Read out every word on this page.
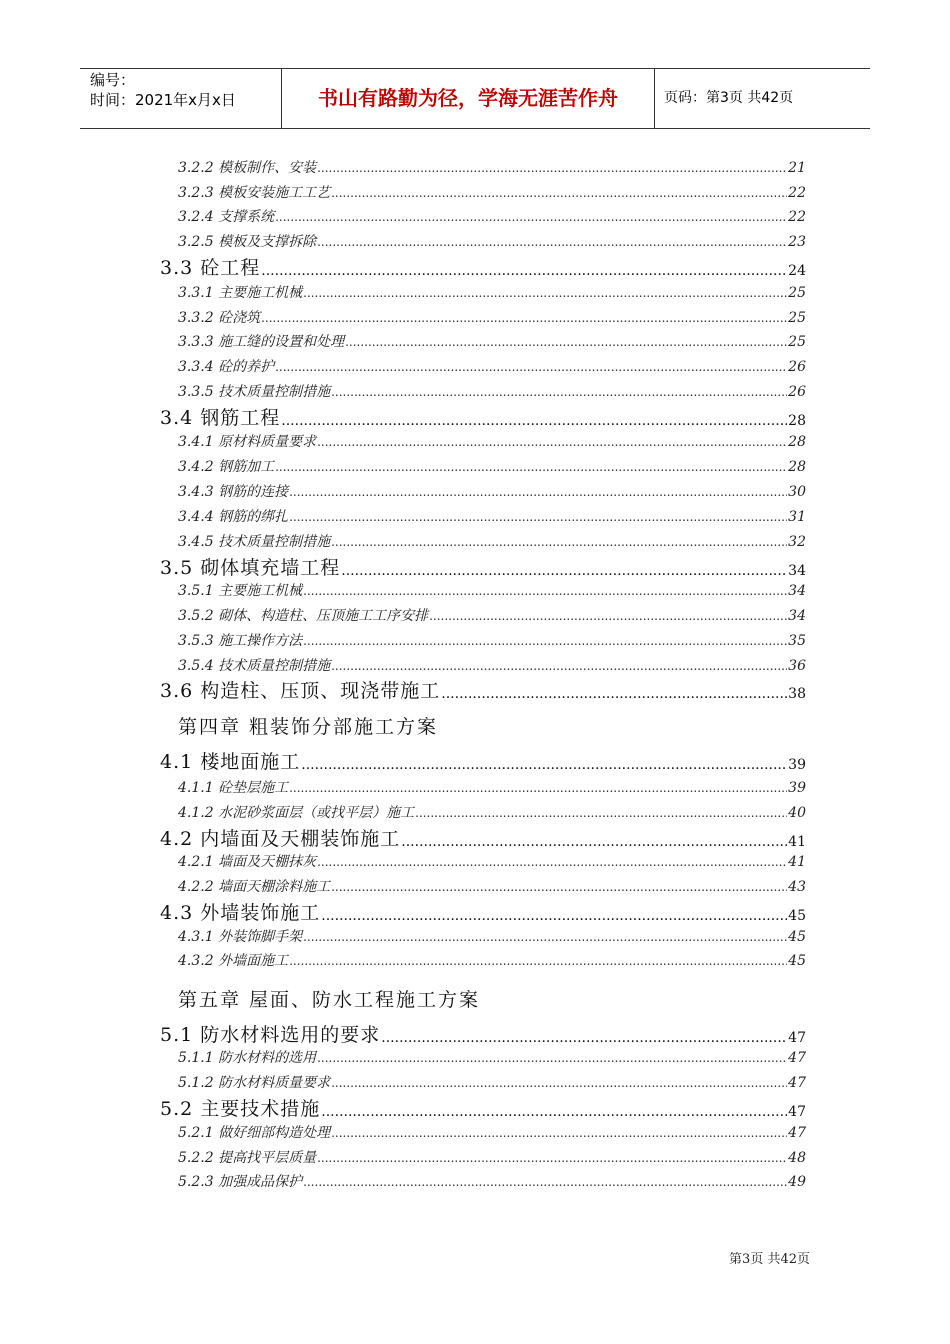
编号：
时间：2021年x月x日	书山有路勤为径，学海无涯苦作舟	页码：第3页 共42页
3.2.2 模板制作、安装 .....	21
3.2.3 模板安装施工工艺 .....	22
3.2.4 支撑系统 .....	22
3.2.5 模板及支撑拆除 .....	23
3.3 砼工程 .....	24
3.3.1 主要施工机械 .....	25
3.3.2 砼浇筑 .....	25
3.3.3 施工缝的设置和处理 .....	25
3.3.4 砼的养护 .....	26
3.3.5 技术质量控制措施 .....	26
3.4 钢筋工程 .....	28
3.4.1 原材料质量要求 .....	28
3.4.2 钢筋加工 .....	28
3.4.3 钢筋的连接 .....	30
3.4.4 钢筋的绑扎 .....	31
3.4.5 技术质量控制措施 .....	32
3.5 砌体填充墙工程 .....	34
3.5.1 主要施工机械 .....	34
3.5.2 砌体、构造柱、压顶施工工序安排 .....	34
3.5.3 施工操作方法 .....	35
3.5.4 技术质量控制措施 .....	36
3.6 构造柱、压顶、现浇带施工 .....	38
第四章 粗装饰分部施工方案
4.1 楼地面施工 .....	39
4.1.1 砼垫层施工 .....	39
4.1.2 水泥砂浆面层（或找平层）施工 .....	40
4.2 内墙面及天棚装饰施工 .....	41
4.2.1 墙面及天棚抹灰 .....	41
4.2.2 墙面天棚涂料施工 .....	43
4.3 外墙装饰施工 .....	45
4.3.1 外装饰脚手架 .....	45
4.3.2 外墙面施工 .....	45
第五章 屋面、防水工程施工方案
5.1 防水材料选用的要求 .....	47
5.1.1 防水材料的选用 .....	47
5.1.2 防水材料质量要求 .....	47
5.2 主要技术措施 .....	47
5.2.1 做好细部构造处理 .....	47
5.2.2 提高找平层质量 .....	48
5.2.3 加强成品保护 .....	49
第3页 共42页
